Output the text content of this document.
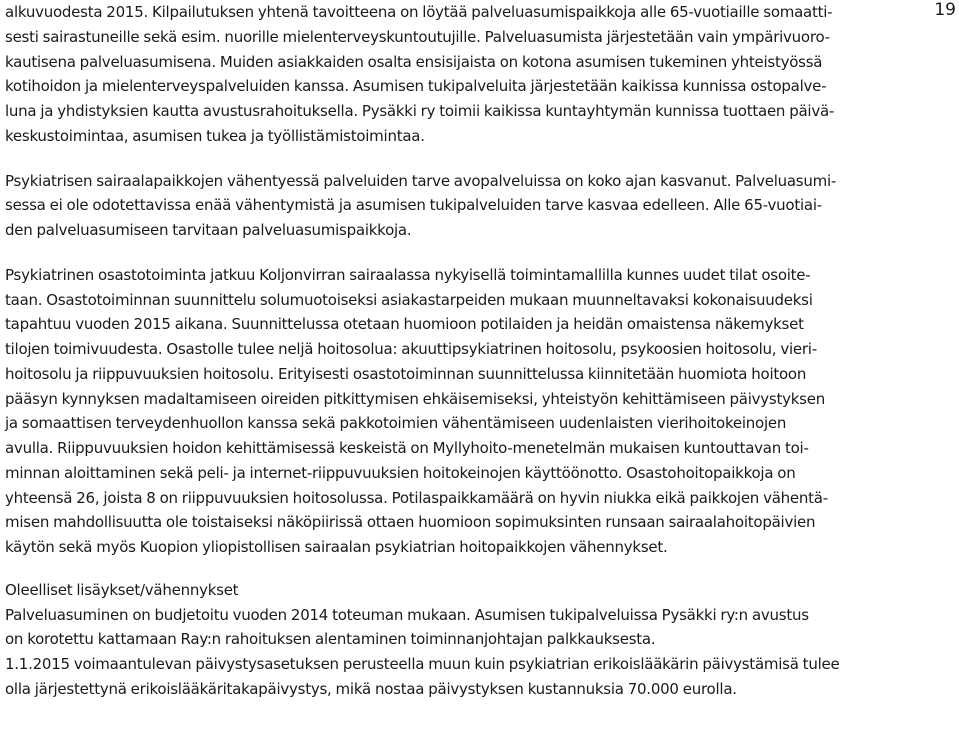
19
alkuvuodesta 2015. Kilpailutuksen yhtenä tavoitteena on löytää palveluasumispaikkoja alle 65-vuotiaille somaatti-
sesti sairastuneille sekä esim. nuorille mielenterveyskuntoutujille. Palveluasumista järjestetään vain ympärivuoro-
kautisena palveluasumisena. Muiden asiakkaiden osalta ensisijaista on kotona asumisen tukeminen yhteistyössä
kotihoidon ja mielenterveyspalveluiden kanssa. Asumisen tukipalveluita järjestetään kaikissa kunnissa ostopalve-
luna ja yhdistyksien kautta avustusrahoituksella. Pysäkki ry toimii kaikissa kuntayhtymän kunnissa tuottaen päivä-
keskustoimintaa, asumisen tukea ja työllistämistoimintaa.
Psykiatrisen sairaalapaikkojen vähentyessä palveluiden tarve avopalveluissa on koko ajan kasvanut. Palveluasumi-
sessa ei ole odotettavissa enää vähentymistä ja asumisen tukipalveluiden tarve kasvaa edelleen. Alle 65-vuotiai-
den palveluasumiseen tarvitaan palveluasumispaikkoja.
Psykiatrinen osastotoiminta jatkuu Koljonvirran sairaalassa nykyisellä toimintamallilla kunnes uudet tilat osoite-
taan. Osastotoiminnan suunnittelu solumuotoiseksi asiakastarpeiden mukaan muunneltavaksi kokonaisuudeksi
tapahtuu vuoden 2015 aikana. Suunnittelussa otetaan huomioon potilaiden ja heidän omaistensa näkemykset
tilojen toimivuudesta. Osastolle tulee neljä hoitosolua: akuuttipsykiatrinen hoitosolu, psykoosien hoitosolu, vieri-
hoitosolu ja riippuvuuksien hoitosolu. Erityisesti osastotoiminnan suunnittelussa kiinnitetään huomiota hoitoon
pääsyn kynnyksen madaltamiseen oireiden pitkittymisen ehkäisemiseksi, yhteistyön kehittämiseen päivystyksen
ja somaattisen terveydenhuollon kanssa sekä pakkotoimien vähentämiseen uudenlaisten vierihoitokeinojen
avulla. Riippuvuuksien hoidon kehittämisessä keskeistä on Myllyhoito-menetelmän mukaisen kuntouttavan toi-
minnan aloittaminen sekä peli- ja internet-riippuvuuksien hoitokeinojen käyttöönotto. Osastohoitopaikkoja on
yhteensä 26, joista 8 on riippuvuuksien hoitosolussa. Potilaspaikkamäärä on hyvin niukka eikä paikkojen vähentä-
misen mahdollisuutta ole toistaiseksi näköpiirissä ottaen huomioon sopimuksinten runsaan sairaalahoitopäivien
käytön sekä myös Kuopion yliopistollisen sairaalan psykiatrian hoitopaikkojen vähennykset.
Oleelliset lisäykset/vähennykset
Palveluasuminen on budjetoitu vuoden 2014 toteuman mukaan. Asumisen tukipalveluissa Pysäkki ry:n avustus
on korotettu kattamaan Ray:n rahoituksen alentaminen toiminnanjohtajan palkkauksesta.
1.1.2015 voimaantulevan päivystysasetuksen perusteella muun kuin psykiatrian erikoislääkärin päivystämisä tulee
olla järjestettynä erikoislääkäritakapäivystys, mikä nostaa päivystyksen kustannuksia 70.000 eurolla.
